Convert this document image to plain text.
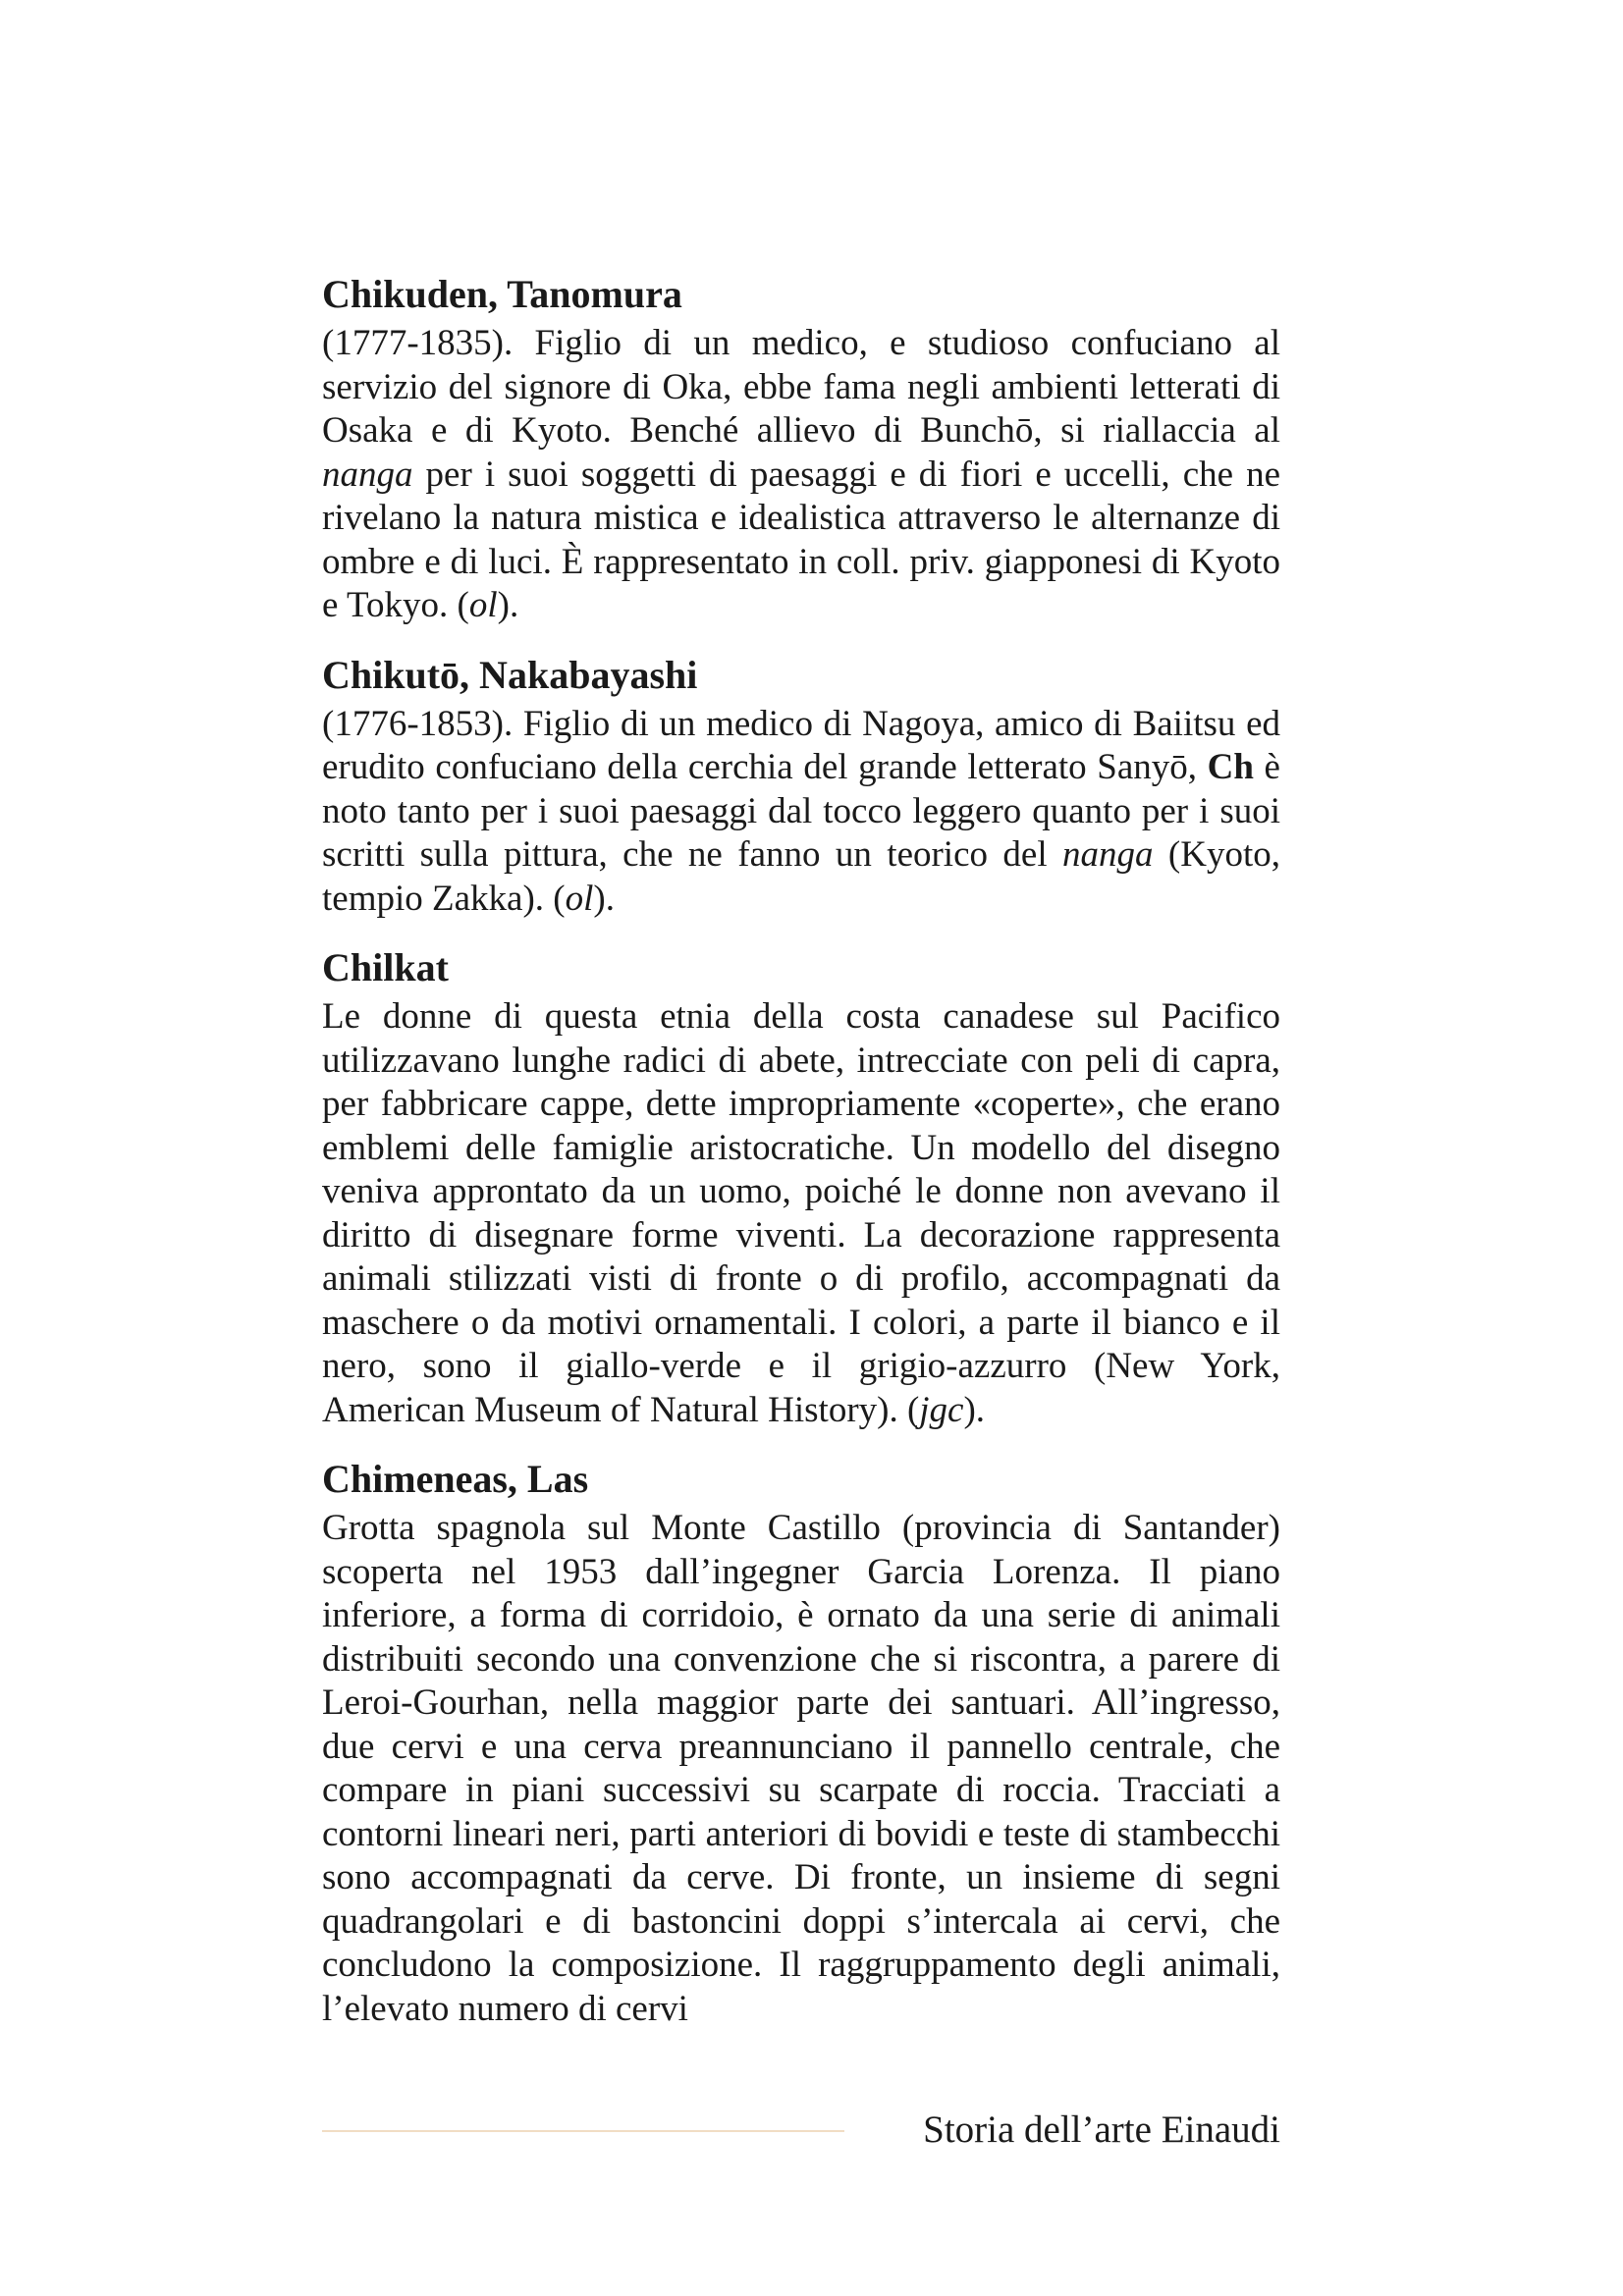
Chikuden, Tanomura

(1777-1835). Figlio di un medico, e studioso confuciano al servizio del signore di Oka, ebbe fama negli ambienti letterati di Osaka e di Kyoto. Benché allievo di Bunchō, si riallaccia al nanga per i suoi soggetti di paesaggi e di fiori e uccelli, che ne rivelano la natura mistica e idealistica attraverso le alternanze di ombre e di luci. È rappresentato in coll. priv. giapponesi di Kyoto e Tokyo. (ol).

Chikutō, Nakabayashi

(1776-1853). Figlio di un medico di Nagoya, amico di Baiitsu ed erudito confuciano della cerchia del grande letterato Sanyō, Ch è noto tanto per i suoi paesaggi dal tocco leggero quanto per i suoi scritti sulla pittura, che ne fanno un teorico del nanga (Kyoto, tempio Zakka). (ol).

Chilkat

Le donne di questa etnia della costa canadese sul Pacifico utilizzavano lunghe radici di abete, intrecciate con peli di capra, per fabbricare cappe, dette impropriamente «coperte», che erano emblemi delle famiglie aristocratiche. Un modello del disegno veniva approntato da un uomo, poiché le donne non avevano il diritto di disegnare forme viventi. La decorazione rappresenta animali stilizzati visti di fronte o di profilo, accompagnati da maschere o da motivi ornamentali. I colori, a parte il bianco e il nero, sono il giallo-verde e il grigio-azzurro (New York, American Museum of Natural History). (jgc).

Chimeneas, Las

Grotta spagnola sul Monte Castillo (provincia di Santander) scoperta nel 1953 dall’ingegner Garcia Lorenza. Il piano inferiore, a forma di corridoio, è ornato da una serie di animali distribuiti secondo una convenzione che si riscontra, a parere di Leroi-Gourhan, nella maggior parte dei santuari. All’ingresso, due cervi e una cerva preannunciano il pannello centrale, che compare in piani successivi su scarpate di roccia. Tracciati a contorni lineari neri, parti anteriori di bovidi e teste di stambecchi sono accompagnati da cerve. Di fronte, un insieme di segni quadrangolari e di bastoncini doppi s’intercala ai cervi, che concludono la composizione. Il raggruppamento degli animali, l’elevato numero di cervi

Storia dell’arte Einaudi
